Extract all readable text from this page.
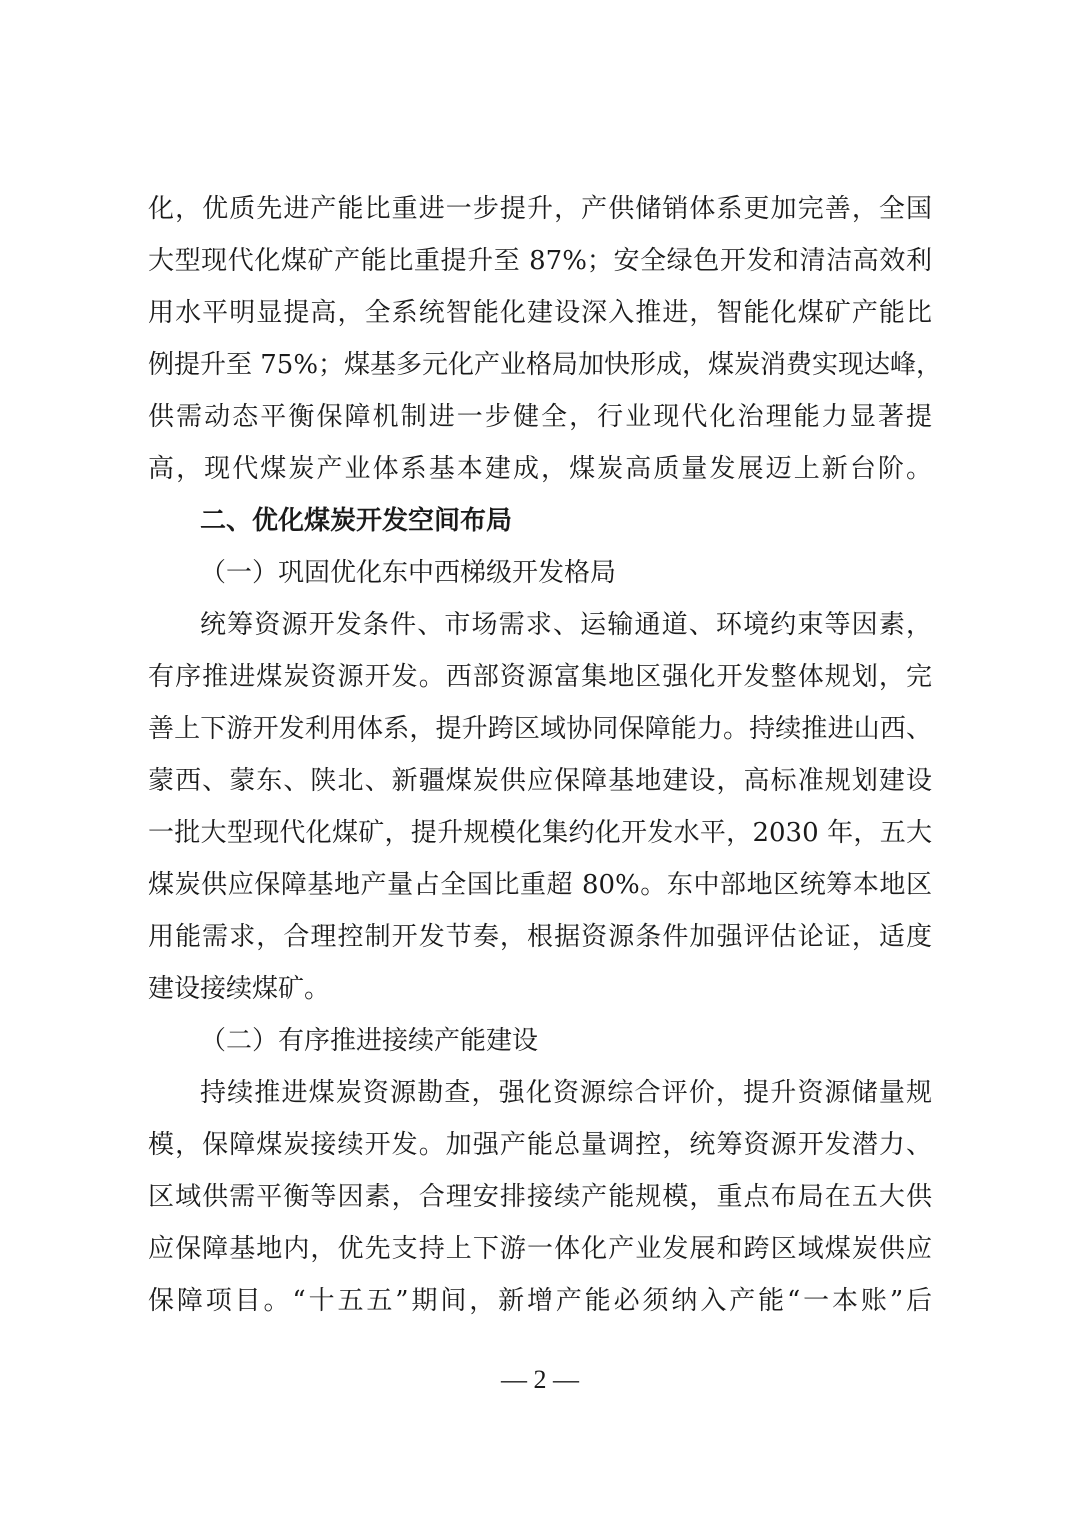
化，优质先进产能比重进一步提升，产供储销体系更加完善，全国
大型现代化煤矿产能比重提升至 87%；安全绿色开发和清洁高效利
用水平明显提高，全系统智能化建设深入推进，智能化煤矿产能比
例提升至 75%；煤基多元化产业格局加快形成，煤炭消费实现达峰，
供需动态平衡保障机制进一步健全，行业现代化治理能力显著提
高，现代煤炭产业体系基本建成，煤炭高质量发展迈上新台阶。
二、优化煤炭开发空间布局
（一）巩固优化东中西梯级开发格局
统筹资源开发条件、市场需求、运输通道、环境约束等因素，
有序推进煤炭资源开发。西部资源富集地区强化开发整体规划，完
善上下游开发利用体系，提升跨区域协同保障能力。持续推进山西、
蒙西、蒙东、陕北、新疆煤炭供应保障基地建设，高标准规划建设
一批大型现代化煤矿，提升规模化集约化开发水平，2030 年，五大
煤炭供应保障基地产量占全国比重超 80%。东中部地区统筹本地区
用能需求，合理控制开发节奏，根据资源条件加强评估论证，适度
建设接续煤矿。
（二）有序推进接续产能建设
持续推进煤炭资源勘查，强化资源综合评价，提升资源储量规
模，保障煤炭接续开发。加强产能总量调控，统筹资源开发潜力、
区域供需平衡等因素，合理安排接续产能规模，重点布局在五大供
应保障基地内，优先支持上下游一体化产业发展和跨区域煤炭供应
保障项目。“十五五”期间，新增产能必须纳入产能“一本账”后
— 2 —
